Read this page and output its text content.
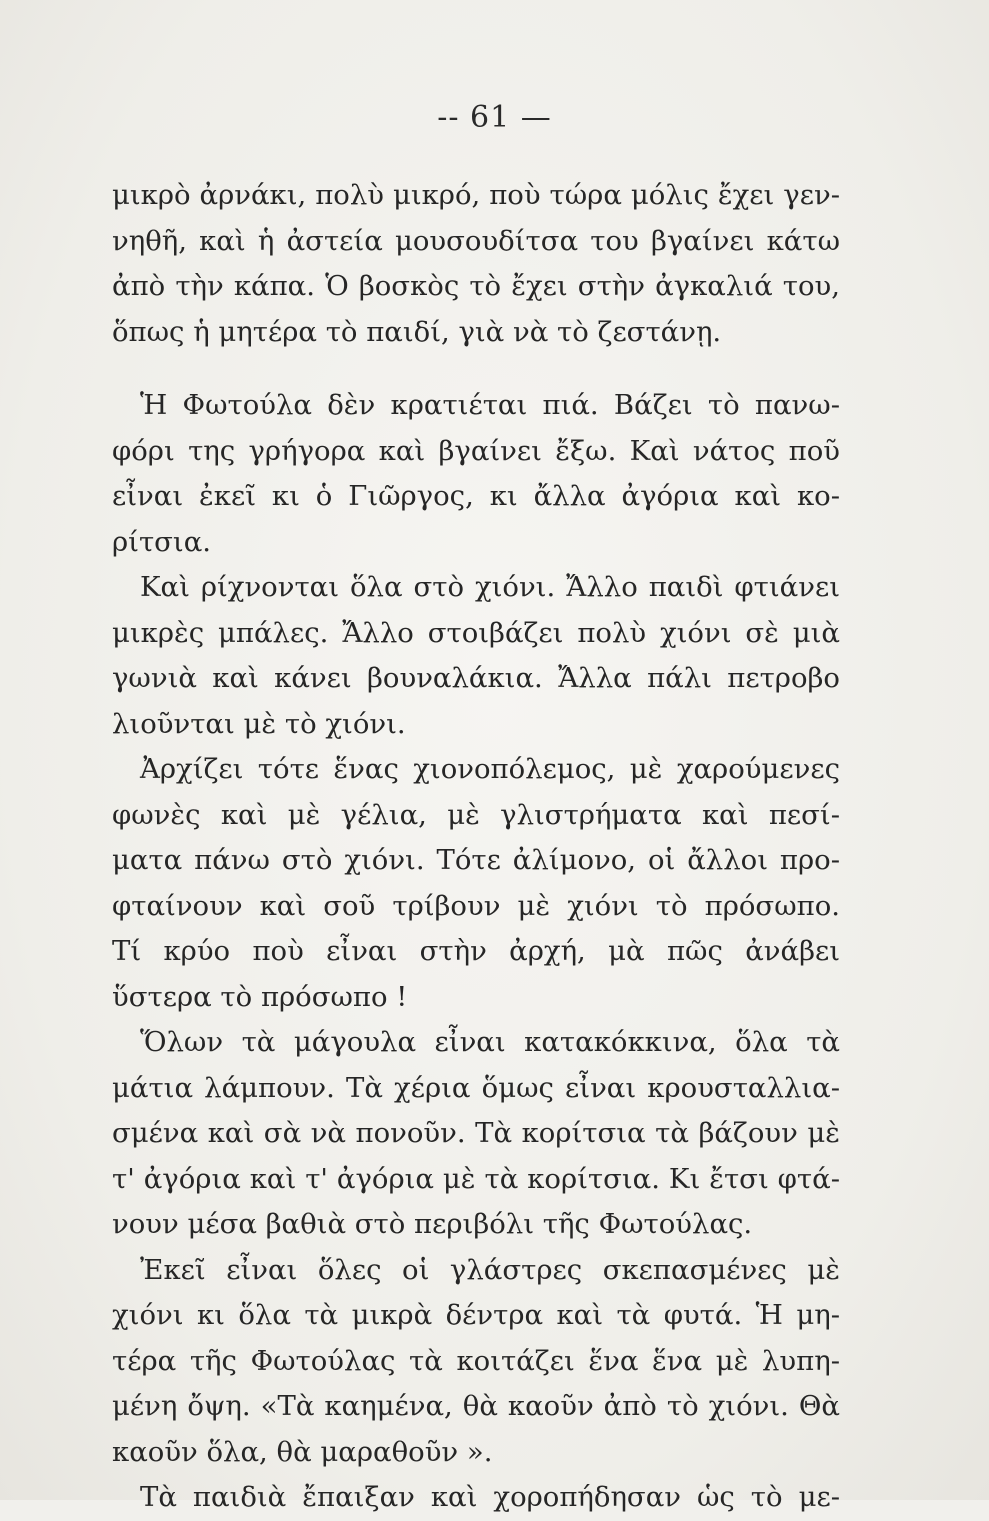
-- 61 —
μικρὸ ἀρνάκι, πολὺ μικρό, ποὺ τώρα μόλις ἔχει γεν-
νηθῆ, καὶ ἡ ἀστεία μουσουδίτσα του βγαίνει κάτω
ἀπὸ τὴν κάπα. Ὁ βοσκὸς τὸ ἔχει στὴν ἀγκαλιά του,
ὅπως ἡ μητέρα τὸ παιδί, γιὰ νὰ τὸ ζεστάνῃ.
Ἡ Φωτούλα δὲν κρατιέται πιά. Βάζει τὸ πανω-
φόρι της γρήγορα καὶ βγαίνει ἔξω. Καὶ νάτος ποῦ
εἶναι ἐκεῖ κι ὁ Γιῶργος, κι ἄλλα ἀγόρια καὶ κο-
ρίτσια.
Καὶ ρίχνονται ὅλα στὸ χιόνι. Ἄλλο παιδὶ φτιάνει
μικρὲς μπάλες. Ἄλλο στοιβάζει πολὺ χιόνι σὲ μιὰ
γωνιὰ καὶ κάνει βουναλάκια. Ἄλλα πάλι πετροβο
λιοῦνται μὲ τὸ χιόνι.
Ἀρχίζει τότε ἕνας χιονοπόλεμος, μὲ χαρούμενες
φωνὲς καὶ μὲ γέλια, μὲ γλιστρήματα καὶ πεσί-
ματα πάνω στὸ χιόνι. Τότε ἀλίμονο, οἱ ἄλλοι προ-
φταίνουν καὶ σοῦ τρίβουν μὲ χιόνι τὸ πρόσωπο.
Τί κρύο ποὺ εἶναι στὴν ἀρχή, μὰ πῶς ἀνάβει
ὕστερα τὸ πρόσωπο !
Ὅλων τὰ μάγουλα εἶναι κατακόκκινα, ὅλα τὰ
μάτια λάμπουν. Τὰ χέρια ὅμως εἶναι κρουσταλλια-
σμένα καὶ σὰ νὰ πονοῦν. Τὰ κορίτσια τὰ βάζουν μὲ
τ' ἀγόρια καὶ τ' ἀγόρια μὲ τὰ κορίτσια. Κι ἔτσι φτά-
νουν μέσα βαθιὰ στὸ περιβόλι τῆς Φωτούλας.
Ἐκεῖ εἶναι ὅλες οἱ γλάστρες σκεπασμένες μὲ
χιόνι κι ὅλα τὰ μικρὰ δέντρα καὶ τὰ φυτά. Ἡ μη-
τέρα τῆς Φωτούλας τὰ κοιτάζει ἕνα ἕνα μὲ λυπη-
μένη ὄψη. «Τὰ καημένα, θὰ καοῦν ἀπὸ τὸ χιόνι. Θὰ
καοῦν ὅλα, θὰ μαραθοῦν ».
Τὰ παιδιὰ ἔπαιξαν καὶ χοροπήδησαν ὡς τὸ με-
